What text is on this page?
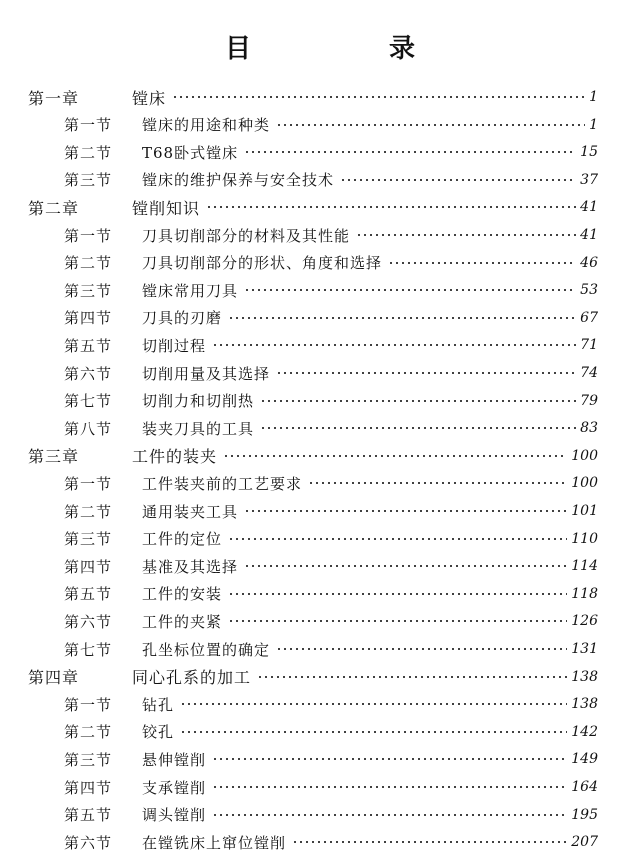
目　录
第一章	镗床	1
第一节	镗床的用途和种类	1
第二节	T68卧式镗床	15
第三节	镗床的维护保养与安全技术	37
第二章	镗削知识	41
第一节	刀具切削部分的材料及其性能	41
第二节	刀具切削部分的形状、角度和选择	46
第三节	镗床常用刀具	53
第四节	刀具的刃磨	67
第五节	切削过程	71
第六节	切削用量及其选择	74
第七节	切削力和切削热	79
第八节	装夹刀具的工具	83
第三章	工件的装夹	100
第一节	工件装夹前的工艺要求	100
第二节	通用装夹工具	101
第三节	工件的定位	110
第四节	基准及其选择	114
第五节	工件的安装	118
第六节	工件的夹紧	126
第七节	孔坐标位置的确定	131
第四章	同心孔系的加工	138
第一节	钻孔	138
第二节	铰孔	142
第三节	悬伸镗削	149
第四节	支承镗削	164
第五节	调头镗削	195
第六节	在镗铣床上窜位镗削	207
